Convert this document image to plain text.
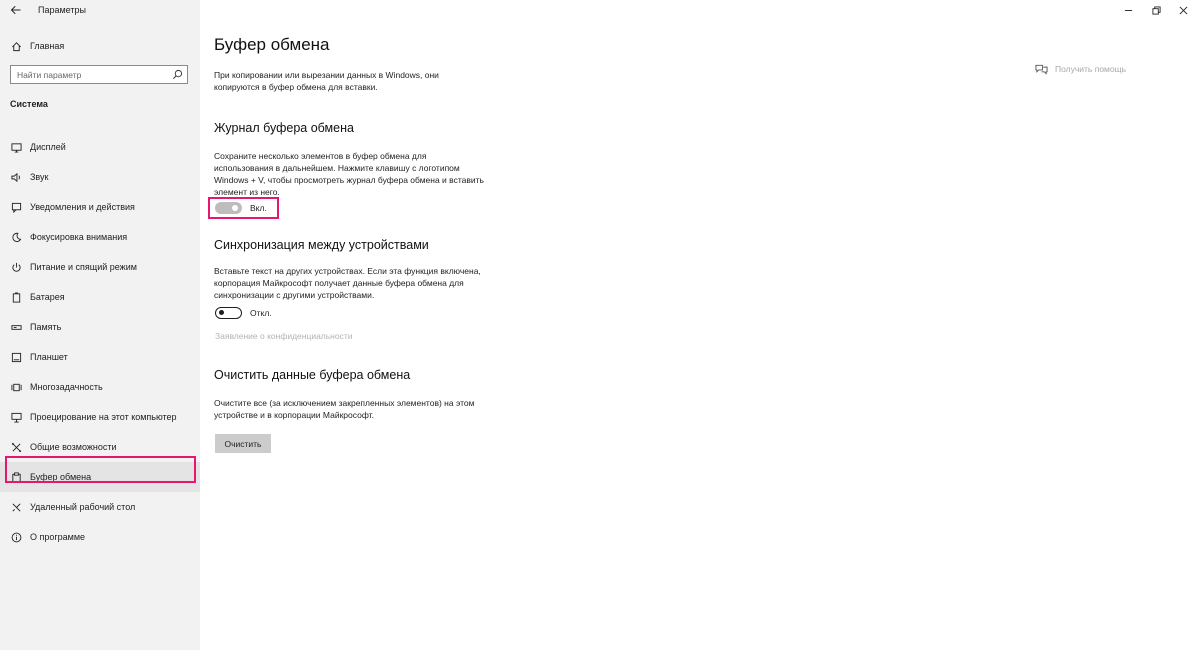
Параметры
Главная
Найти параметр
Система
Дисплей
Звук
Уведомления и действия
Фокусировка внимания
Питание и спящий режим
Батарея
Память
Планшет
Многозадачность
Проецирование на этот компьютер
Общие возможности
Буфер обмена
Удаленный рабочий стол
О программе
Буфер обмена
При копировании или вырезании данных в Windows, они копируются в буфер обмена для вставки.
Журнал буфера обмена
Сохраните несколько элементов в буфер обмена для использования в дальнейшем. Нажмите клавишу с логотипом Windows + V, чтобы просмотреть журнал буфера обмена и вставить элемент из него.
Вкл.
Синхронизация между устройствами
Вставьте текст на других устройствах. Если эта функция включена, корпорация Майкрософт получает данные буфера обмена для синхронизации с другими устройствами.
Откл.
Заявление о конфиденциальности
Очистить данные буфера обмена
Очистите все (за исключением закрепленных элементов) на этом устройстве и в корпорации Майкрософт.
Очистить
Получить помощь
